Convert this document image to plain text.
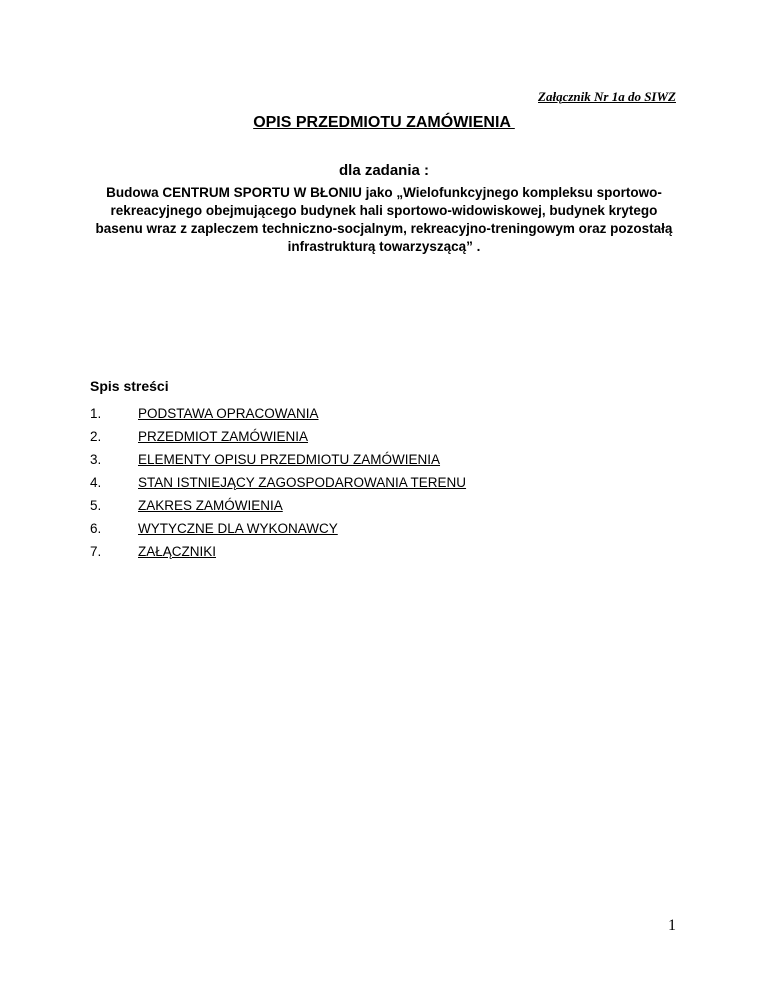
Załącznik Nr 1a do SIWZ
OPIS PRZEDMIOTU ZAMÓWIENIA
dla zadania :
Budowa CENTRUM SPORTU W BŁONIU jako „Wielofunkcyjnego kompleksu sportowo-rekreacyjnego obejmującego budynek hali sportowo-widowiskowej, budynek krytego basenu wraz z zapleczem techniczno-socjalnym, rekreacyjno-treningowym oraz pozostałą infrastrukturą towarzyszącą” .
Spis streści
1.	PODSTAWA OPRACOWANIA
2.	PRZEDMIOT ZAMÓWIENIA
3.	ELEMENTY OPISU PRZEDMIOTU ZAMÓWIENIA
4.	STAN ISTNIEJĄCY ZAGOSPODAROWANIA TERENU
5.	ZAKRES ZAMÓWIENIA
6.	WYTYCZNE DLA WYKONAWCY
7.	ZAŁĄCZNIKI
1
